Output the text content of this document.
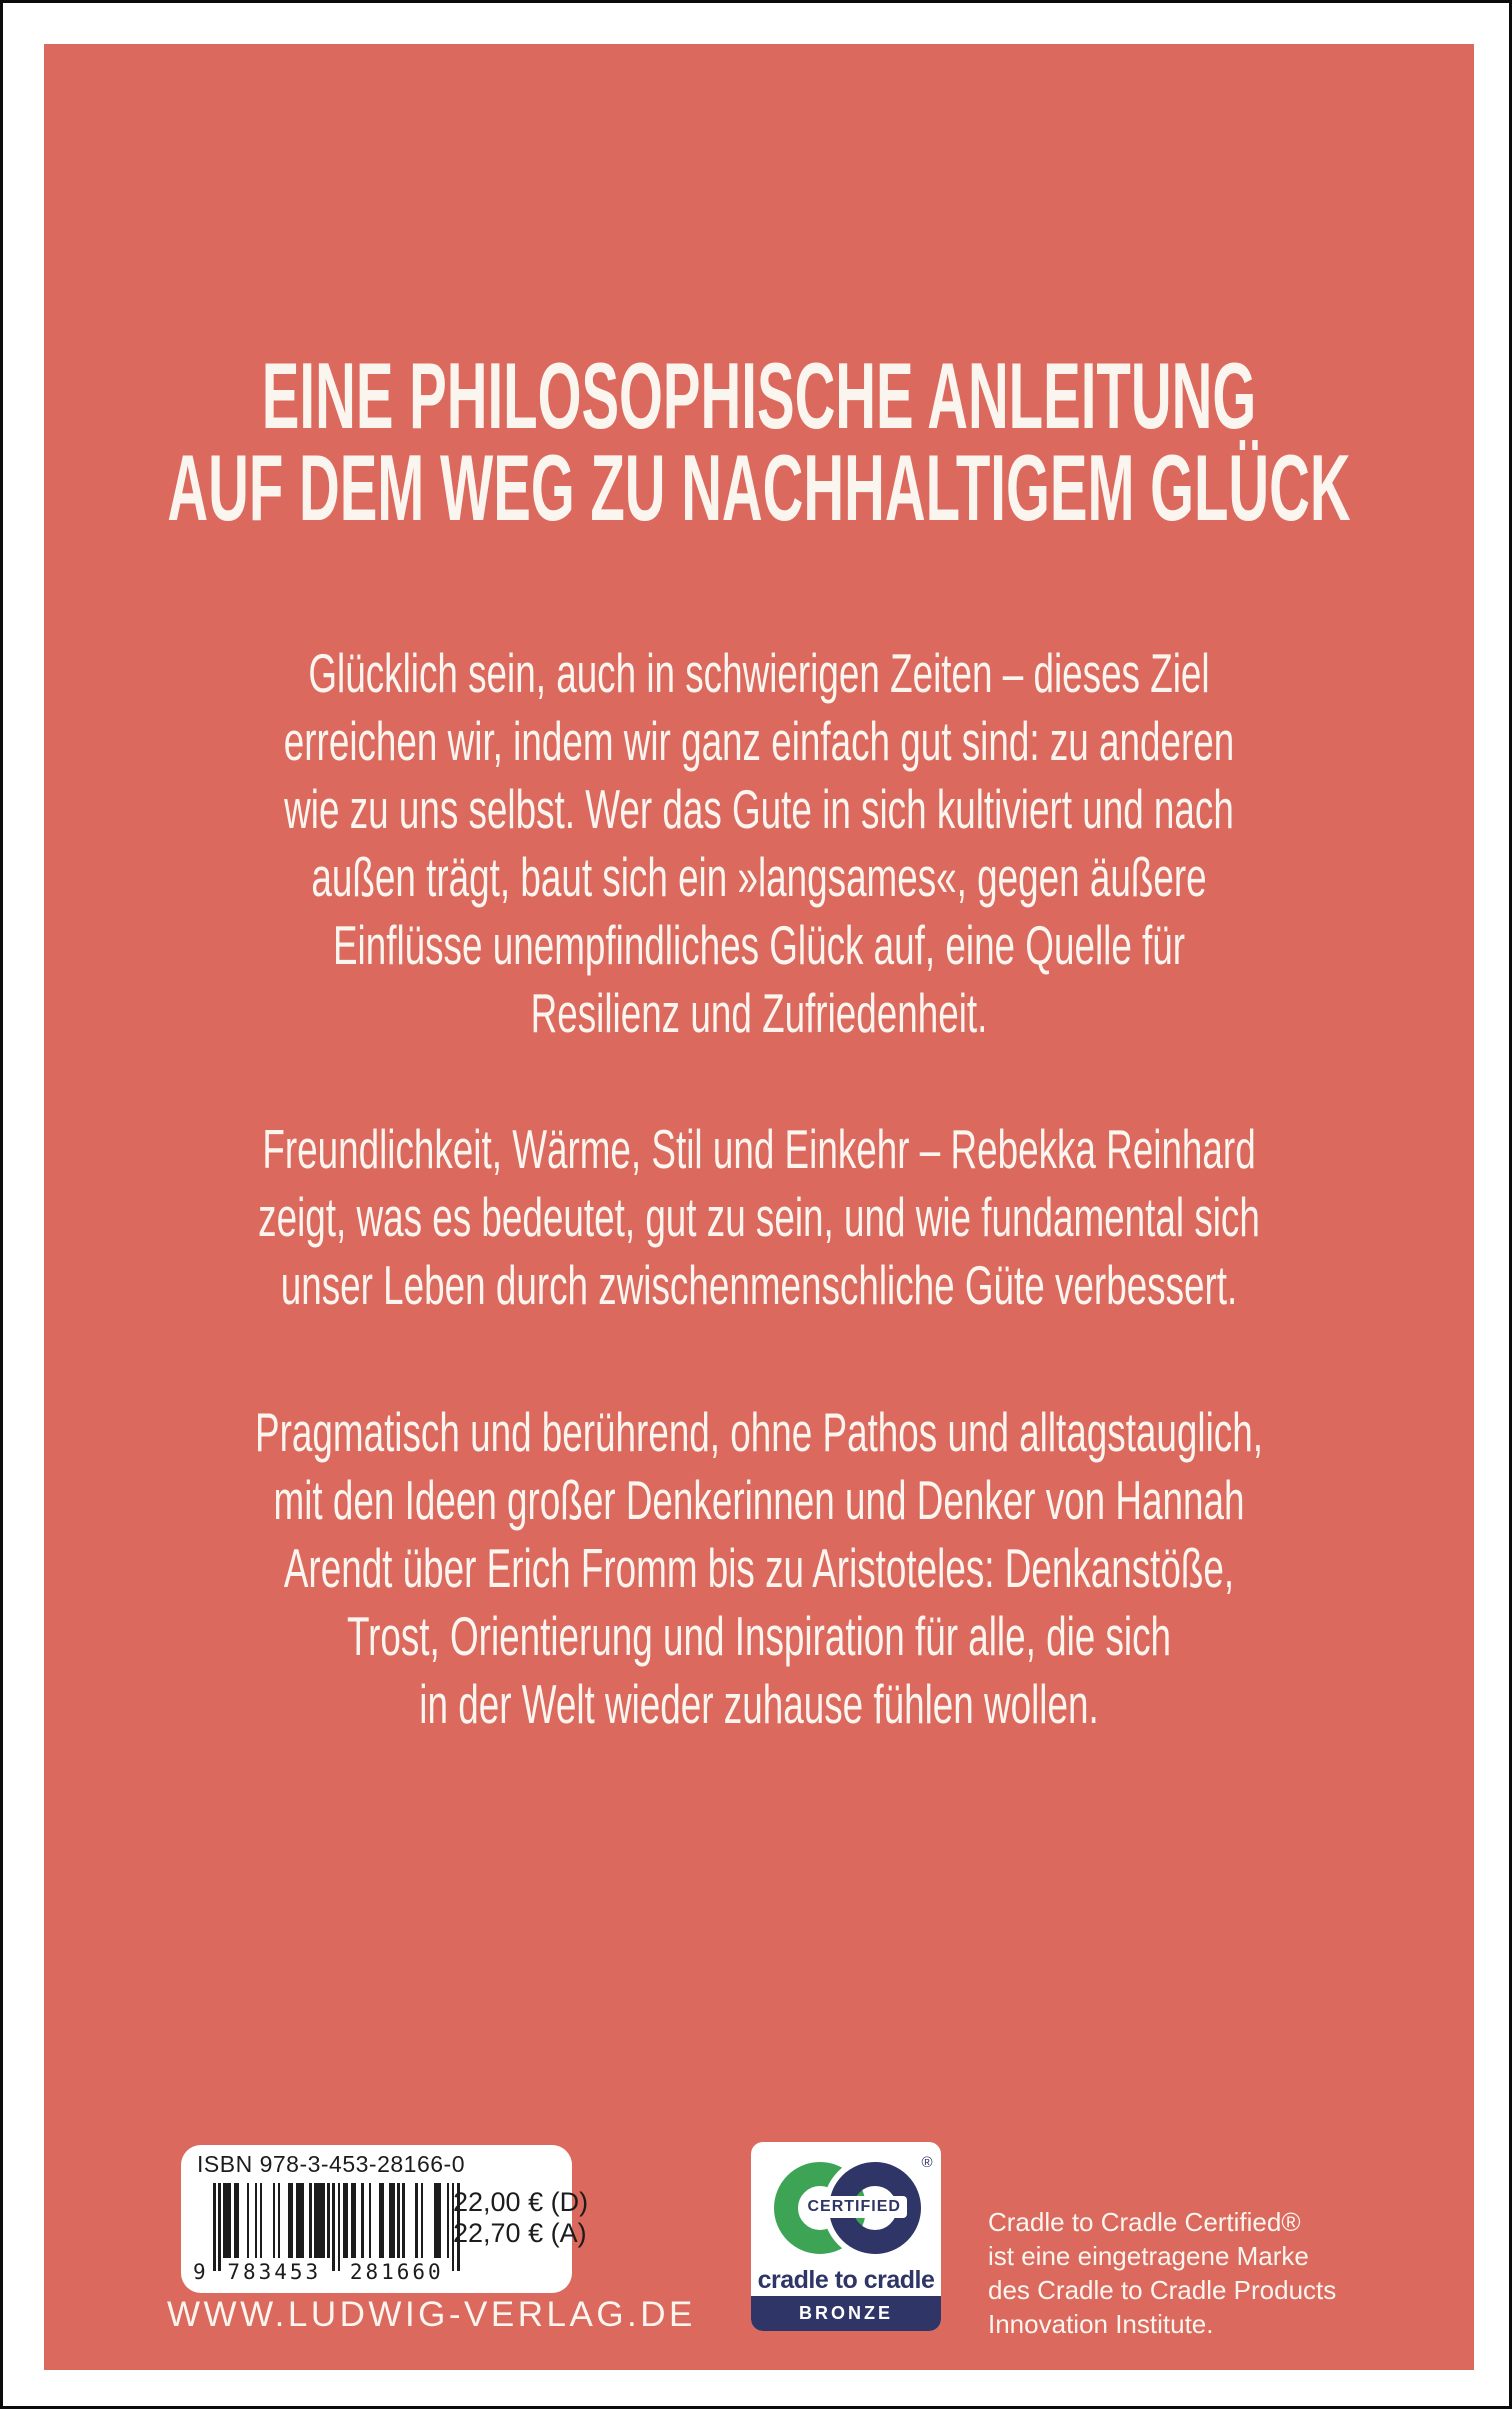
EINE PHILOSOPHISCHE ANLEITUNG
AUF DEM WEG ZU NACHHALTIGEM GLÜCK
Glücklich sein, auch in schwierigen Zeiten – dieses Ziel
erreichen wir, indem wir ganz einfach gut sind: zu anderen
wie zu uns selbst. Wer das Gute in sich kultiviert und nach
außen trägt, baut sich ein »langsames«, gegen äußere
Einflüsse unempfindliches Glück auf, eine Quelle für
Resilienz und Zufriedenheit.
Freundlichkeit, Wärme, Stil und Einkehr – Rebekka Reinhard
zeigt, was es bedeutet, gut zu sein, und wie fundamental sich
unser Leben durch zwischenmenschliche Güte verbessert.
Pragmatisch und berührend, ohne Pathos und alltagstauglich,
mit den Ideen großer Denkerinnen und Denker von Hannah
Arendt über Erich Fromm bis zu Aristoteles: Denkanstöße,
Trost, Orientierung und Inspiration für alle, die sich
in der Welt wieder zuhause fühlen wollen.
ISBN 978-3-453-28166-0
9	783453	281660
22,00 € (D)
22,70 € (A)
CERTIFIED
®
cradle to cradle
BRONZE
Cradle to Cradle Certified®
ist eine eingetragene Marke
des Cradle to Cradle Products
Innovation Institute.
WWW.LUDWIG-VERLAG.DE
